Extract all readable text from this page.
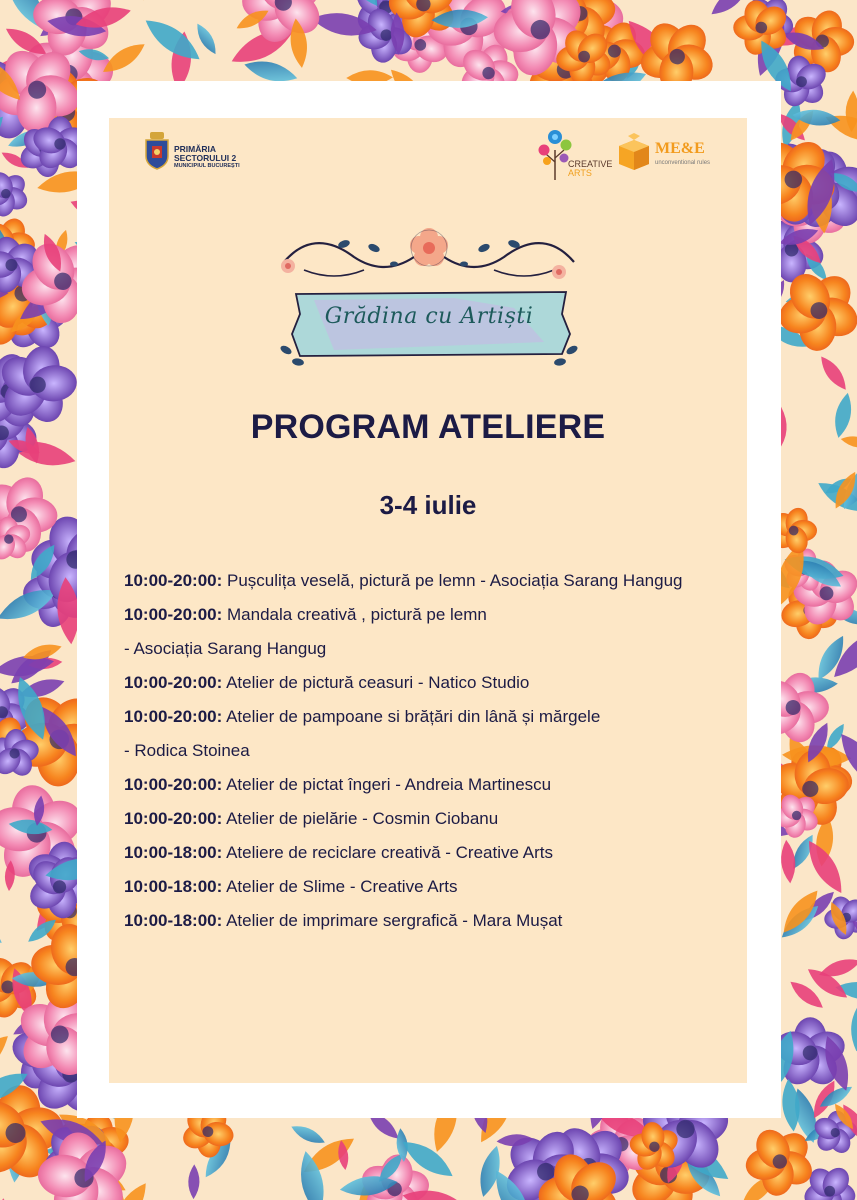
PRIMĂRIA
SECTORULUI 2
MUNICIPIUL BUCUREȘTI	CREATIVE
ARTS
ME&E
unconventional rules
Grădina cu Artiști
PROGRAM ATELIERE
3-4 iulie
10:00-20:00: Pușculița veselă, pictură pe lemn - Asociația Sarang Hangug
10:00-20:00: Mandala creativă , pictură pe lemn
- Asociația Sarang Hangug
10:00-20:00: Atelier de pictură ceasuri - Natico Studio
10:00-20:00: Atelier de pampoane si brățări din lână și mărgele
- Rodica Stoinea
10:00-20:00: Atelier de pictat îngeri - Andreia Martinescu
10:00-20:00: Atelier de pielărie - Cosmin Ciobanu
10:00-18:00: Ateliere de reciclare creativă - Creative Arts
10:00-18:00: Atelier de Slime - Creative Arts
10:00-18:00: Atelier de imprimare sergrafică - Mara Mușat
